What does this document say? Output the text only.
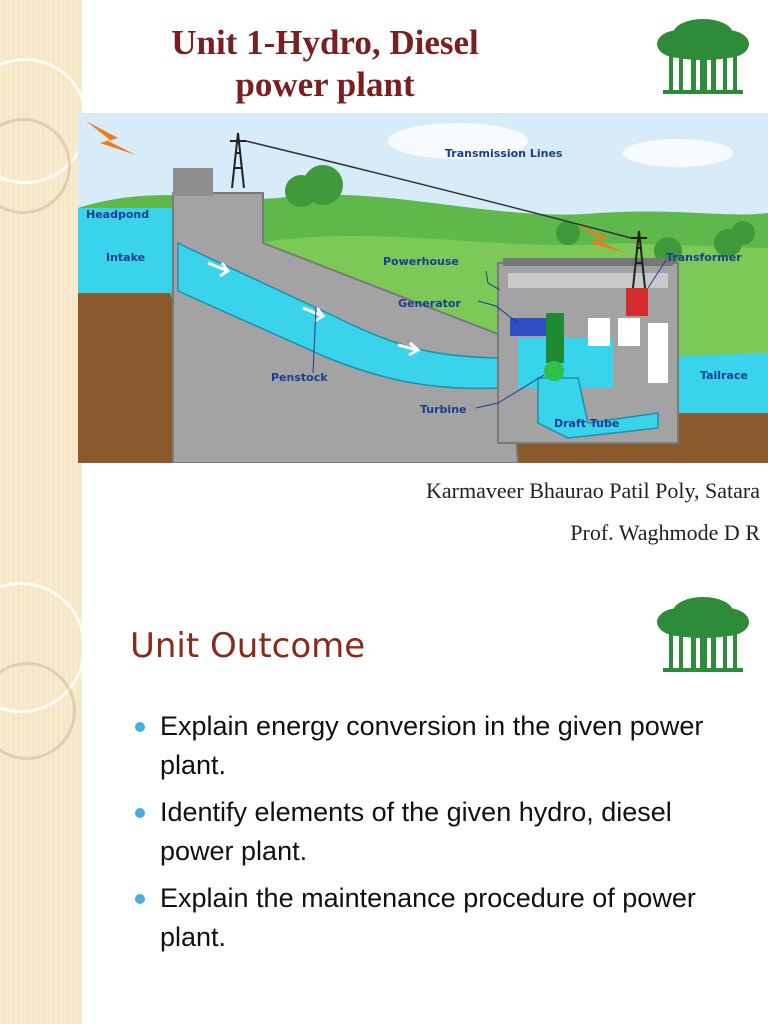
Unit 1-Hydro, Diesel
power plant
Transmission Lines
Headpond
Intake	Powerhouse	Transformer
Generator
Penstock	Tailrace
Turbine
Draft Tube
Karmaveer Bhaurao Patil Poly, Satara
Prof. Waghmode D R
Unit Outcome
Explain energy conversion in the given power plant.
Identify elements of the given hydro, diesel power plant.
Explain the maintenance procedure of power plant.
